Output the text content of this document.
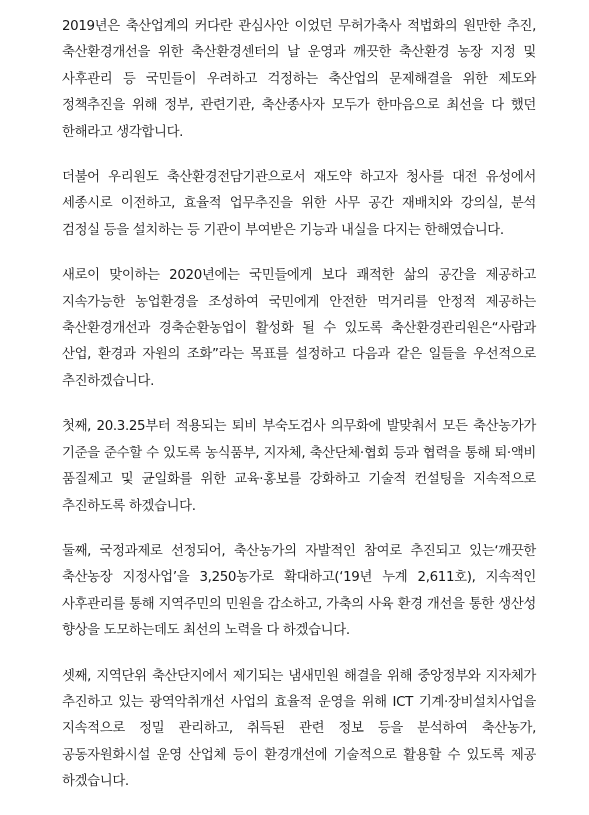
2019년은 축산업계의 커다란 관심사안 이었던 무허가축사 적법화의 원만한 추진, 축산환경개선을 위한 축산환경센터의 날 운영과 깨끗한 축산환경 농장 지정 및 사후관리 등 국민들이 우려하고 걱정하는 축산업의 문제해결을 위한 제도와 정책추진을 위해 정부, 관련기관, 축산종사자 모두가 한마음으로 최선을 다 했던 한해라고 생각합니다.

더불어 우리원도 축산환경전담기관으로서 재도약 하고자 청사를 대전 유성에서 세종시로 이전하고, 효율적 업무추진을 위한 사무 공간 재배치와 강의실, 분석 검정실 등을 설치하는 등 기관이 부여받은 기능과 내실을 다지는 한해였습니다.

새로이 맞이하는 2020년에는 국민들에게 보다 쾌적한 삶의 공간을 제공하고 지속가능한 농업환경을 조성하여 국민에게 안전한 먹거리를 안정적 제공하는 축산환경개선과 경축순환농업이 활성화 될 수 있도록 축산환경관리원은“사람과 산업, 환경과 자원의 조화”라는 목표를 설정하고 다음과 같은 일들을 우선적으로 추진하겠습니다.

첫째, 20.3.25부터 적용되는 퇴비 부숙도검사 의무화에 발맞춰서 모든 축산농가가 기준을 준수할 수 있도록 농식품부, 지자체, 축산단체·협회 등과 협력을 통해 퇴·액비 품질제고 및 균일화를 위한 교육·홍보를 강화하고 기술적 컨설팅을 지속적으로 추진하도록 하겠습니다.

둘째, 국정과제로 선정되어, 축산농가의 자발적인 참여로 추진되고 있는‘깨끗한 축산농장 지정사업’을 3,250농가로 확대하고(‘19년 누계 2,611호), 지속적인 사후관리를 통해 지역주민의 민원을 감소하고, 가축의 사육 환경 개선을 통한 생산성 향상을 도모하는데도 최선의 노력을 다 하겠습니다.

셋째, 지역단위 축산단지에서 제기되는 냄새민원 해결을 위해 중앙정부와 지자체가 추진하고 있는 광역악취개선 사업의 효율적 운영을 위해 ICT 기계·장비설치사업을 지속적으로 정밀 관리하고, 취득된 관련 정보 등을 분석하여 축산농가, 공동자원화시설 운영 산업체 등이 환경개선에 기술적으로 활용할 수 있도록 제공 하겠습니다.
